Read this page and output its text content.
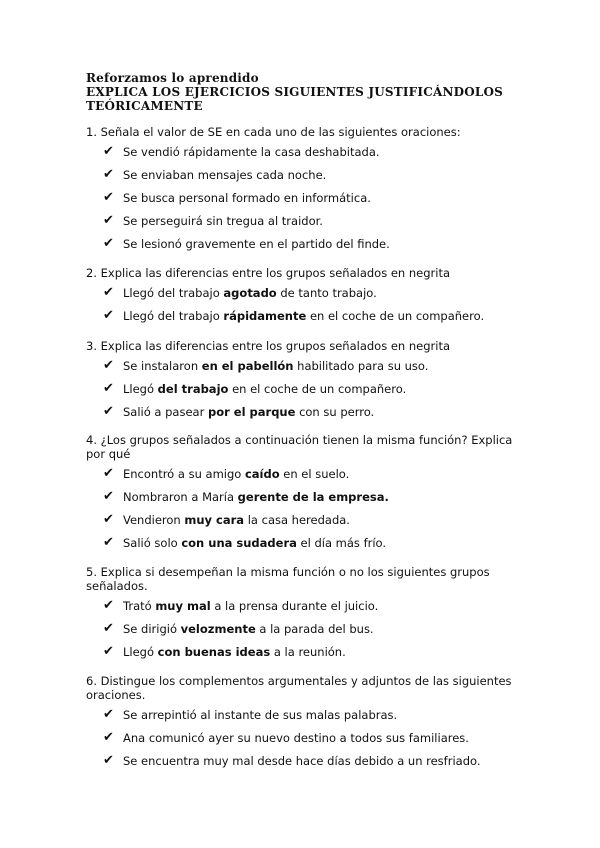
Reforzamos lo aprendido
EXPLICA LOS EJERCICIOS SIGUIENTES JUSTIFICÁNDOLOS
TEÓRICAMENTE

1. Señala el valor de SE en cada uno de las siguientes oraciones:

✔ Se vendió rápidamente la casa deshabitada.
✔ Se enviaban mensajes cada noche.
✔ Se busca personal formado en informática.
✔ Se perseguirá sin tregua al traidor.
✔ Se lesionó gravemente en el partido del finde.

2. Explica las diferencias entre los grupos señalados en negrita

✔ Llegó del trabajo agotado de tanto trabajo.
✔ Llegó del trabajo rápidamente en el coche de un compañero.

3. Explica las diferencias entre los grupos señalados en negrita

✔ Se instalaron en el pabellón habilitado para su uso.
✔ Llegó del trabajo en el coche de un compañero.
✔ Salió a pasear por el parque con su perro.

4. ¿Los grupos señalados a continuación tienen la misma función? Explica por qué

✔ Encontró a su amigo caído en el suelo.
✔ Nombraron a María gerente de la empresa.
✔ Vendieron muy cara la casa heredada.
✔ Salió solo con una sudadera el día más frío.

5. Explica si desempeñan la misma función o no los siguientes grupos señalados.

✔ Trató muy mal a la prensa durante el juicio.
✔ Se dirigió velozmente a la parada del bus.
✔ Llegó con buenas ideas a la reunión.

6. Distingue los complementos argumentales y adjuntos de las siguientes oraciones.

✔ Se arrepintió al instante de sus malas palabras.
✔ Ana comunicó ayer su nuevo destino a todos sus familiares.
✔ Se encuentra muy mal desde hace días debido a un resfriado.
